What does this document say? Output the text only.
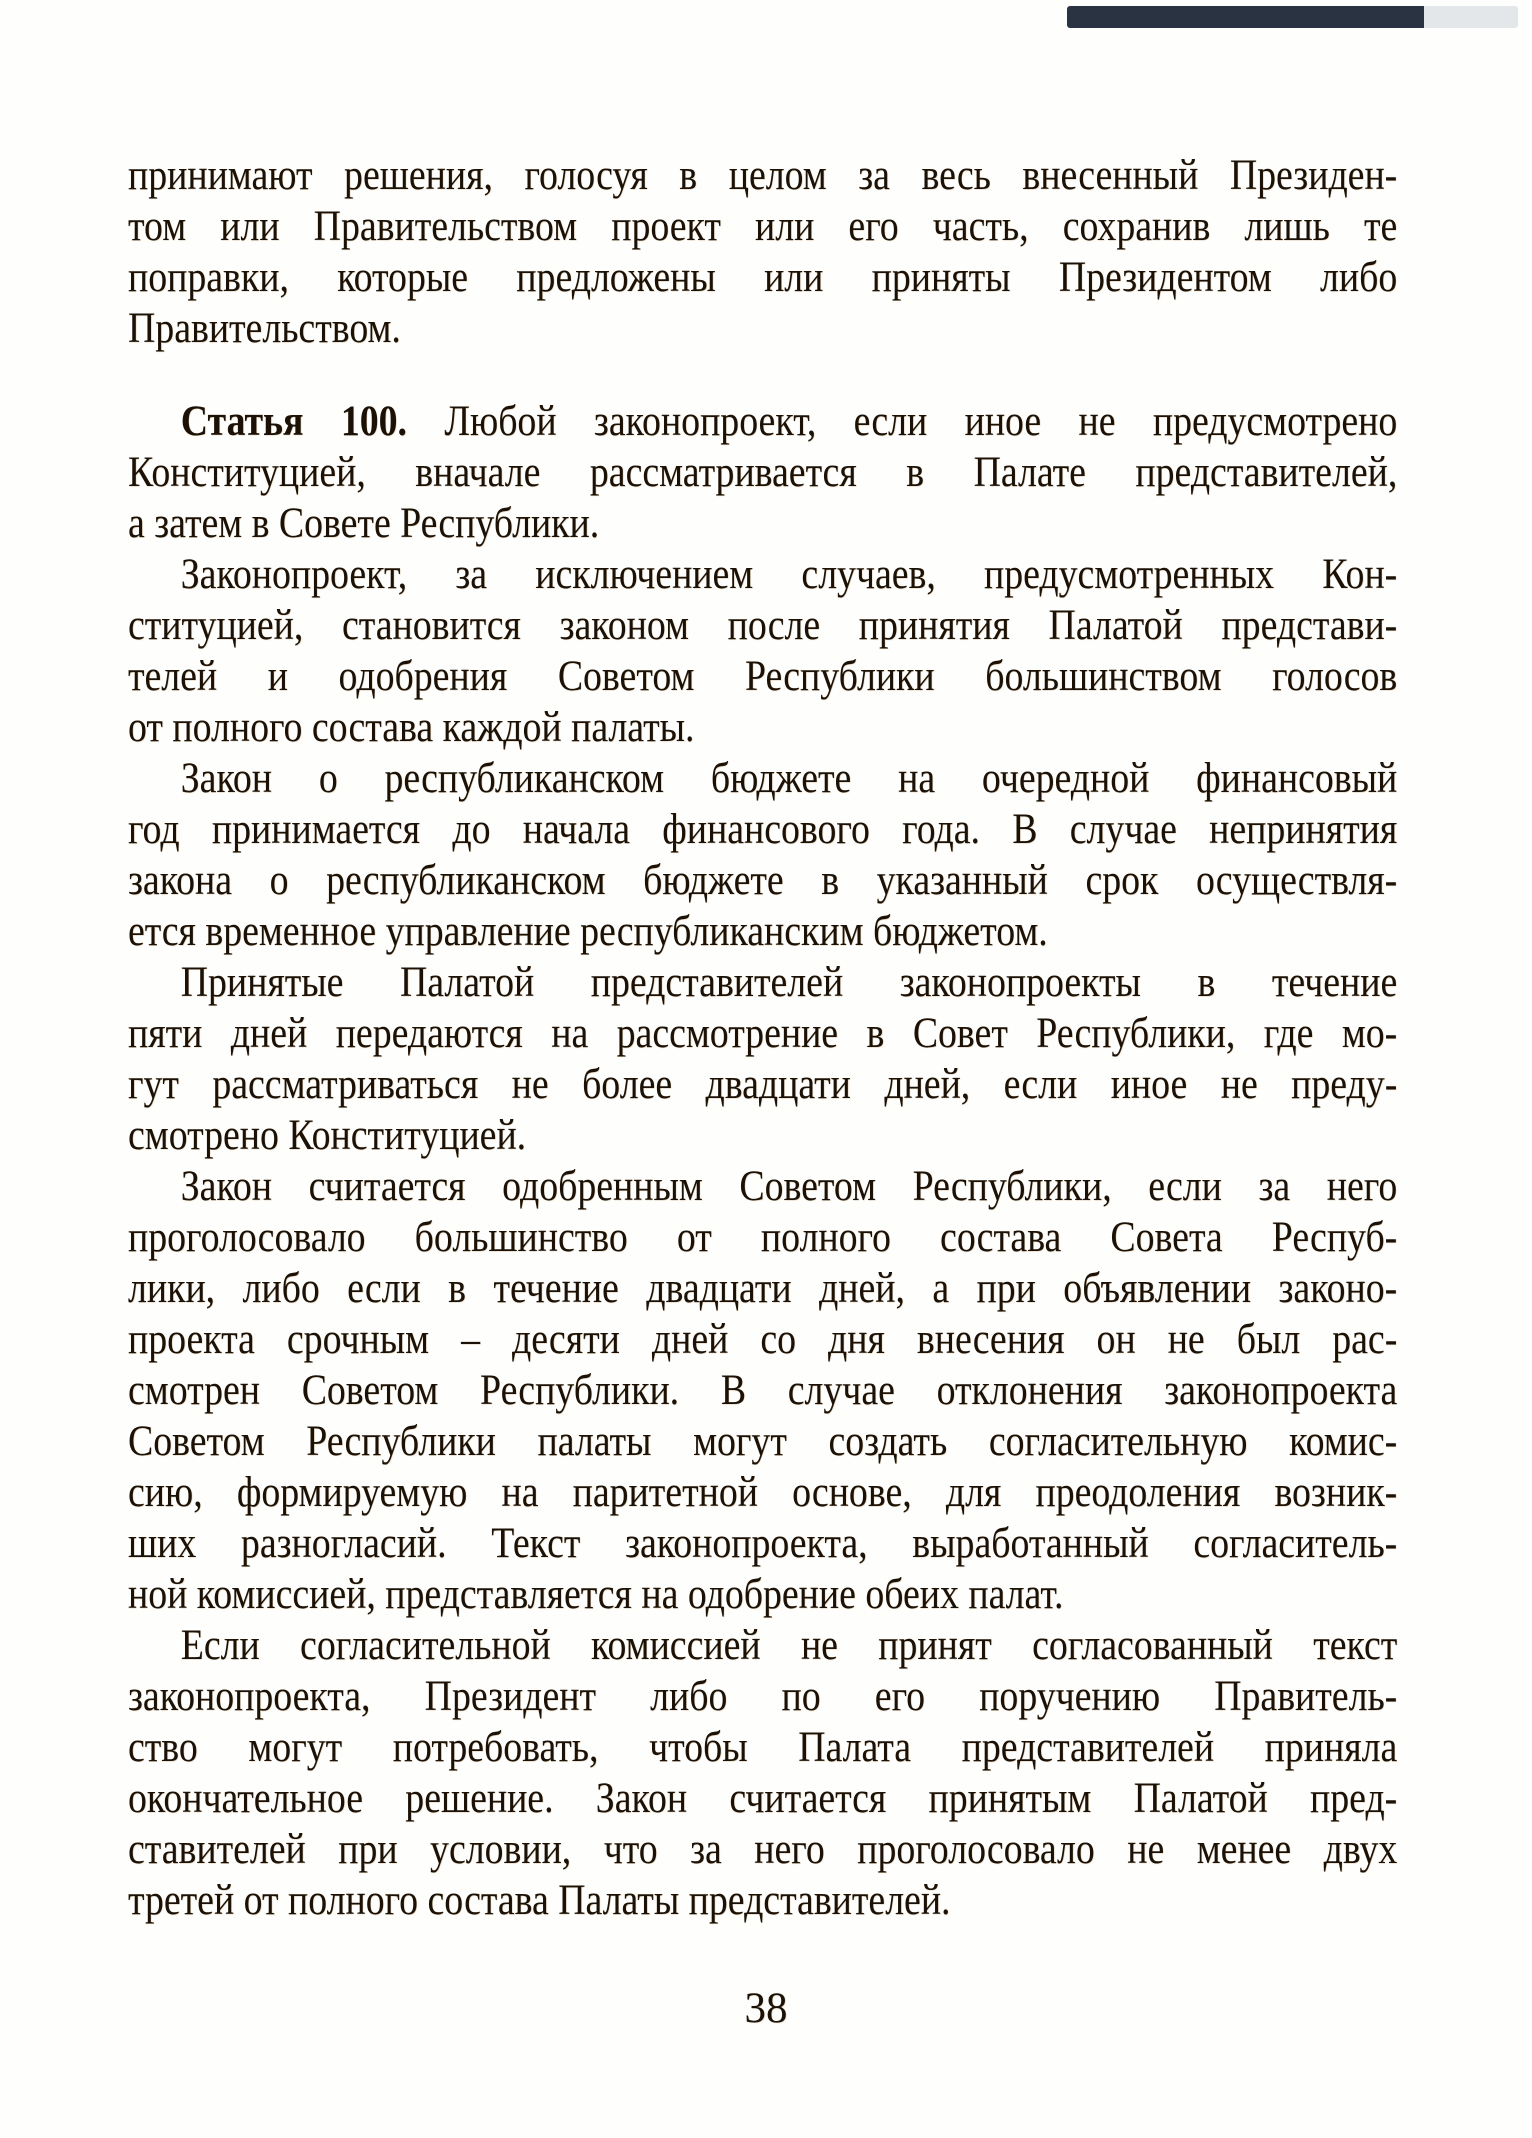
принимают решения, голосуя в целом за весь внесенный Президен-
том или Правительством проект или его часть, сохранив лишь те
поправки, которые предложены или приняты Президентом либо
Правительством.
Статья 100. Любой законопроект, если иное не предусмотрено
Конституцией, вначале рассматривается в Палате представителей,
а затем в Совете Республики.
Законопроект, за исключением случаев, предусмотренных Кон-
ституцией, становится законом после принятия Палатой представи-
телей и одобрения Советом Республики большинством голосов
от полного состава каждой палаты.
Закон о республиканском бюджете на очередной финансовый
год принимается до начала финансового года. В случае непринятия
закона о республиканском бюджете в указанный срок осуществля-
ется временное управление республиканским бюджетом.
Принятые Палатой представителей законопроекты в течение
пяти дней передаются на рассмотрение в Совет Республики, где мо-
гут рассматриваться не более двадцати дней, если иное не преду-
смотрено Конституцией.
Закон считается одобренным Советом Республики, если за него
проголосовало большинство от полного состава Совета Респуб-
лики, либо если в течение двадцати дней, а при объявлении законо-
проекта срочным – десяти дней со дня внесения он не был рас-
смотрен Советом Республики. В случае отклонения законопроекта
Советом Республики палаты могут создать согласительную комис-
сию, формируемую на паритетной основе, для преодоления возник-
ших разногласий. Текст законопроекта, выработанный согласитель-
ной комиссией, представляется на одобрение обеих палат.
Если согласительной комиссией не принят согласованный текст
законопроекта, Президент либо по его поручению Правитель-
ство могут потребовать, чтобы Палата представителей приняла
окончательное решение. Закон считается принятым Палатой пред-
ставителей при условии, что за него проголосовало не менее двух
третей от полного состава Палаты представителей.
38
